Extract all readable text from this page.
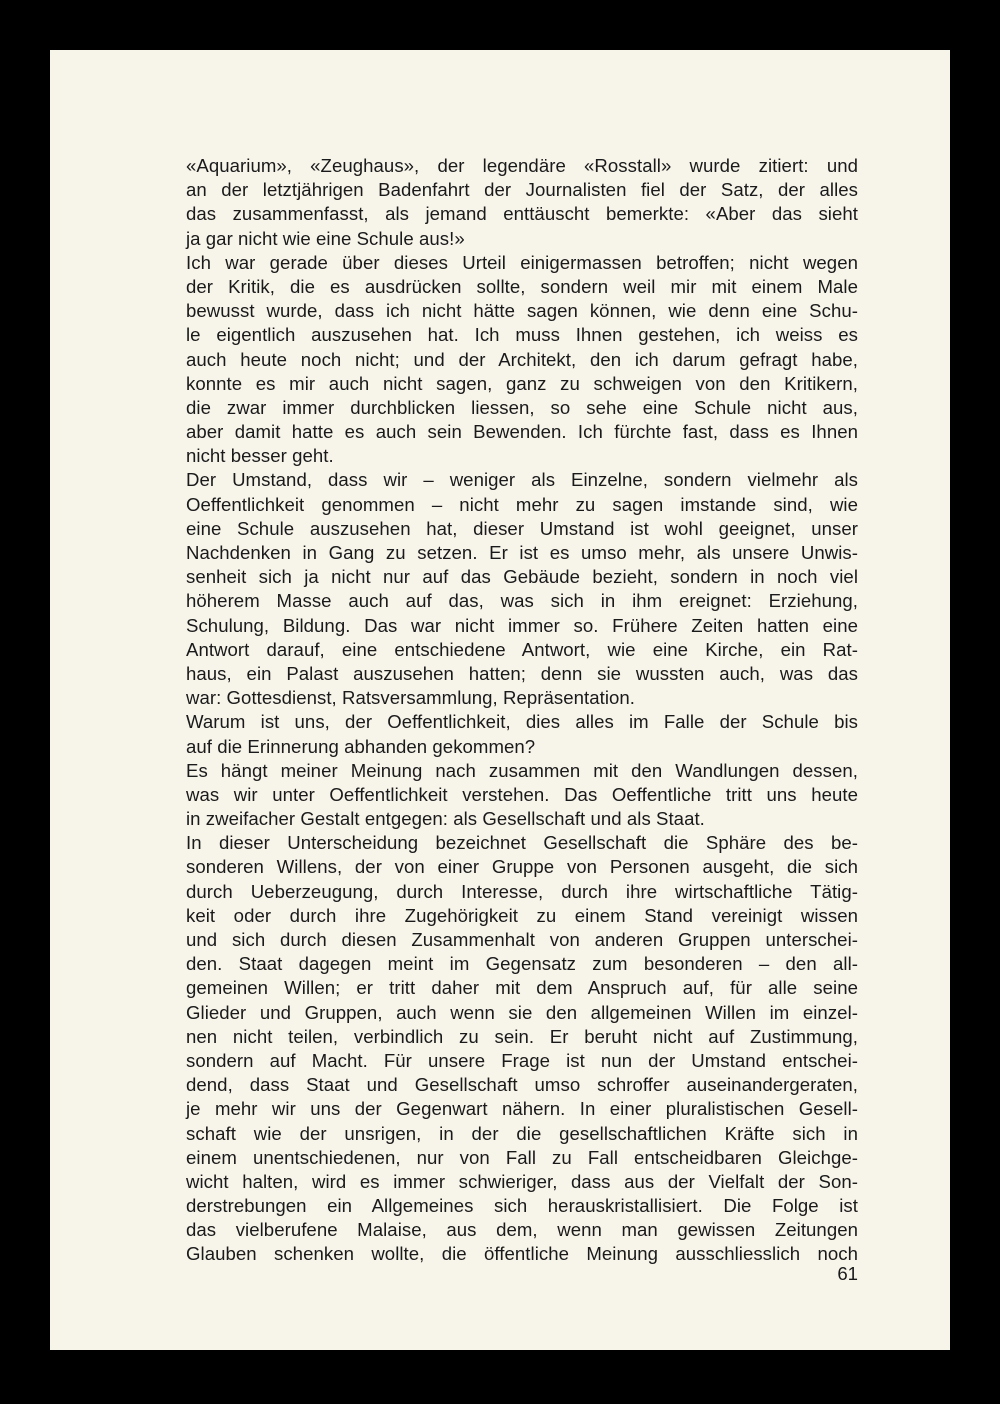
«Aquarium», «Zeughaus», der legendäre «Rosstall» wurde zitiert: und
an der letztjährigen Badenfahrt der Journalisten fiel der Satz, der alles
das zusammenfasst, als jemand enttäuscht bemerkte: «Aber das sieht
ja gar nicht wie eine Schule aus!»
Ich war gerade über dieses Urteil einigermassen betroffen; nicht wegen
der Kritik, die es ausdrücken sollte, sondern weil mir mit einem Male
bewusst wurde, dass ich nicht hätte sagen können, wie denn eine Schu-
le eigentlich auszusehen hat. Ich muss Ihnen gestehen, ich weiss es
auch heute noch nicht; und der Architekt, den ich darum gefragt habe,
konnte es mir auch nicht sagen, ganz zu schweigen von den Kritikern,
die zwar immer durchblicken liessen, so sehe eine Schule nicht aus,
aber damit hatte es auch sein Bewenden. Ich fürchte fast, dass es Ihnen
nicht besser geht.
Der Umstand, dass wir – weniger als Einzelne, sondern vielmehr als
Oeffentlichkeit genommen – nicht mehr zu sagen imstande sind, wie
eine Schule auszusehen hat, dieser Umstand ist wohl geeignet, unser
Nachdenken in Gang zu setzen. Er ist es umso mehr, als unsere Unwis-
senheit sich ja nicht nur auf das Gebäude bezieht, sondern in noch viel
höherem Masse auch auf das, was sich in ihm ereignet: Erziehung,
Schulung, Bildung. Das war nicht immer so. Frühere Zeiten hatten eine
Antwort darauf, eine entschiedene Antwort, wie eine Kirche, ein Rat-
haus, ein Palast auszusehen hatten; denn sie wussten auch, was das
war: Gottesdienst, Ratsversammlung, Repräsentation.
Warum ist uns, der Oeffentlichkeit, dies alles im Falle der Schule bis
auf die Erinnerung abhanden gekommen?
Es hängt meiner Meinung nach zusammen mit den Wandlungen dessen,
was wir unter Oeffentlichkeit verstehen. Das Oeffentliche tritt uns heute
in zweifacher Gestalt entgegen: als Gesellschaft und als Staat.
In dieser Unterscheidung bezeichnet Gesellschaft die Sphäre des be-
sonderen Willens, der von einer Gruppe von Personen ausgeht, die sich
durch Ueberzeugung, durch Interesse, durch ihre wirtschaftliche Tätig-
keit oder durch ihre Zugehörigkeit zu einem Stand vereinigt wissen
und sich durch diesen Zusammenhalt von anderen Gruppen unterschei-
den. Staat dagegen meint im Gegensatz zum besonderen – den all-
gemeinen Willen; er tritt daher mit dem Anspruch auf, für alle seine
Glieder und Gruppen, auch wenn sie den allgemeinen Willen im einzel-
nen nicht teilen, verbindlich zu sein. Er beruht nicht auf Zustimmung,
sondern auf Macht. Für unsere Frage ist nun der Umstand entschei-
dend, dass Staat und Gesellschaft umso schroffer auseinandergeraten,
je mehr wir uns der Gegenwart nähern. In einer pluralistischen Gesell-
schaft wie der unsrigen, in der die gesellschaftlichen Kräfte sich in
einem unentschiedenen, nur von Fall zu Fall entscheidbaren Gleichge-
wicht halten, wird es immer schwieriger, dass aus der Vielfalt der Son-
derstrebungen ein Allgemeines sich herauskristallisiert. Die Folge ist
das vielberufene Malaise, aus dem, wenn man gewissen Zeitungen
Glauben schenken wollte, die öffentliche Meinung ausschliesslich noch
61
